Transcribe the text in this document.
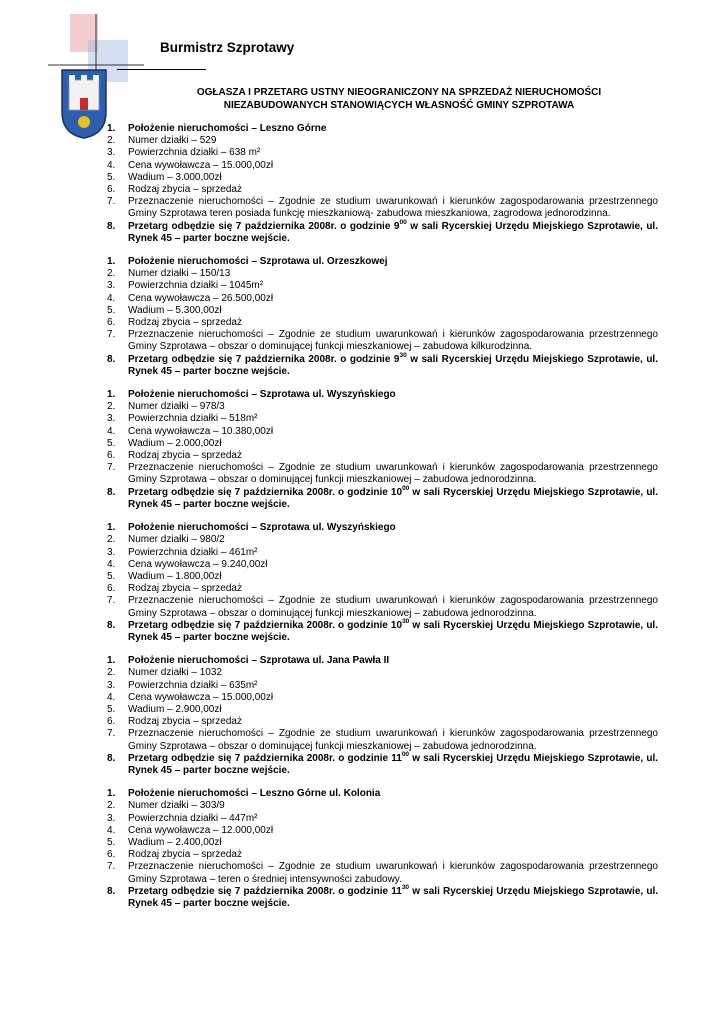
Burmistrz Szprotawy
OGŁASZA I PRZETARG USTNY NIEOGRANICZONY NA SPRZEDAŻ NIERUCHOMOŚCI
NIEZABUDOWANYCH STANOWIĄCYCH WŁASNOŚĆ GMINY SZPROTAWA
1.	Położenie nieruchomości – Leszno Górne
2.	Numer działki – 529
3.	Powierzchnia działki – 638 m²
4.	Cena wywoławcza – 15.000,00zł
5.	Wadium – 3.000,00zł
6.	Rodzaj zbycia – sprzedaż
7.	Przeznaczenie nieruchomości – Zgodnie ze studium uwarunkowań i kierunków zagospodarowania przestrzennego Gminy Szprotawa teren posiada funkcję mieszkaniową- zabudowa mieszkaniowa, zagrodowa jednorodzinna.
8.	Przetarg odbędzie się 7 października 2008r. o godzinie $9^{00}$ w sali Rycerskiej Urzędu Miejskiego Szprotawie, ul. Rynek 45 – parter boczne wejście.
1.	Położenie nieruchomości – Szprotawa ul. Orzeszkowej
2.	Numer działki – 150/13
3.	Powierzchnia działki – 1045m²
4.	Cena wywoławcza – 26.500,00zł
5.	Wadium – 5.300,00zł
6.	Rodzaj zbycia – sprzedaż
7.	Przeznaczenie nieruchomości – Zgodnie ze studium uwarunkowań i kierunków zagospodarowania przestrzennego Gminy Szprotawa – obszar o dominującej funkcji mieszkaniowej – zabudowa kilkurodzinna.
8.	Przetarg odbędzie się 7 października 2008r. o godzinie $9^{30}$ w sali Rycerskiej Urzędu Miejskiego Szprotawie, ul. Rynek 45 – parter boczne wejście.
1.	Położenie nieruchomości – Szprotawa ul. Wyszyńskiego
2.	Numer działki – 978/3
3.	Powierzchnia działki – 518m²
4.	Cena wywoławcza – 10.380,00zł
5.	Wadium – 2.000,00zł
6.	Rodzaj zbycia – sprzedaż
7.	Przeznaczenie nieruchomości – Zgodnie ze studium uwarunkowań i kierunków zagospodarowania przestrzennego Gminy Szprotawa – obszar o dominującej funkcji mieszkaniowej – zabudowa jednorodzinna.
8.	Przetarg odbędzie się 7 października 2008r. o godzinie $10^{00}$ w sali Rycerskiej Urzędu Miejskiego Szprotawie, ul. Rynek 45 – parter boczne wejście.
1.	Położenie nieruchomości – Szprotawa ul. Wyszyńskiego
2.	Numer działki – 980/2
3.	Powierzchnia działki – 461m²
4.	Cena wywoławcza – 9.240,00zł
5.	Wadium – 1.800,00zł
6.	Rodzaj zbycia – sprzedaż
7.	Przeznaczenie nieruchomości – Zgodnie ze studium uwarunkowań i kierunków zagospodarowania przestrzennego Gminy Szprotawa – obszar o dominującej funkcji mieszkaniowej – zabudowa jednorodzinna.
8.	Przetarg odbędzie się 7 października 2008r. o godzinie $10^{30}$ w sali Rycerskiej Urzędu Miejskiego Szprotawie, ul. Rynek 45 – parter boczne wejście.
1.	Położenie nieruchomości – Szprotawa ul. Jana Pawła II
2.	Numer działki – 1032
3.	Powierzchnia działki – 635m²
4.	Cena wywoławcza – 15.000,00zł
5.	Wadium – 2.900,00zł
6.	Rodzaj zbycia – sprzedaż
7.	Przeznaczenie nieruchomości – Zgodnie ze studium uwarunkowań i kierunków zagospodarowania przestrzennego Gminy Szprotawa – obszar o dominującej funkcji mieszkaniowej – zabudowa jednorodzinna.
8.	Przetarg odbędzie się 7 października 2008r. o godzinie $11^{00}$ w sali Rycerskiej Urzędu Miejskiego Szprotawie, ul. Rynek 45 – parter boczne wejście.
1.	Położenie nieruchomości – Leszno Górne ul. Kolonia
2.	Numer działki – 303/9
3.	Powierzchnia działki – 447m²
4.	Cena wywoławcza – 12.000,00zł
5.	Wadium – 2.400,00zł
6.	Rodzaj zbycia – sprzedaż
7.	Przeznaczenie nieruchomości – Zgodnie ze studium uwarunkowań i kierunków zagospodarowania przestrzennego Gminy Szprotawa – teren o średniej intensywności zabudowy.
8.	Przetarg odbędzie się 7 października 2008r. o godzinie $11^{30}$ w sali Rycerskiej Urzędu Miejskiego Szprotawie, ul. Rynek 45 – parter boczne wejście.
